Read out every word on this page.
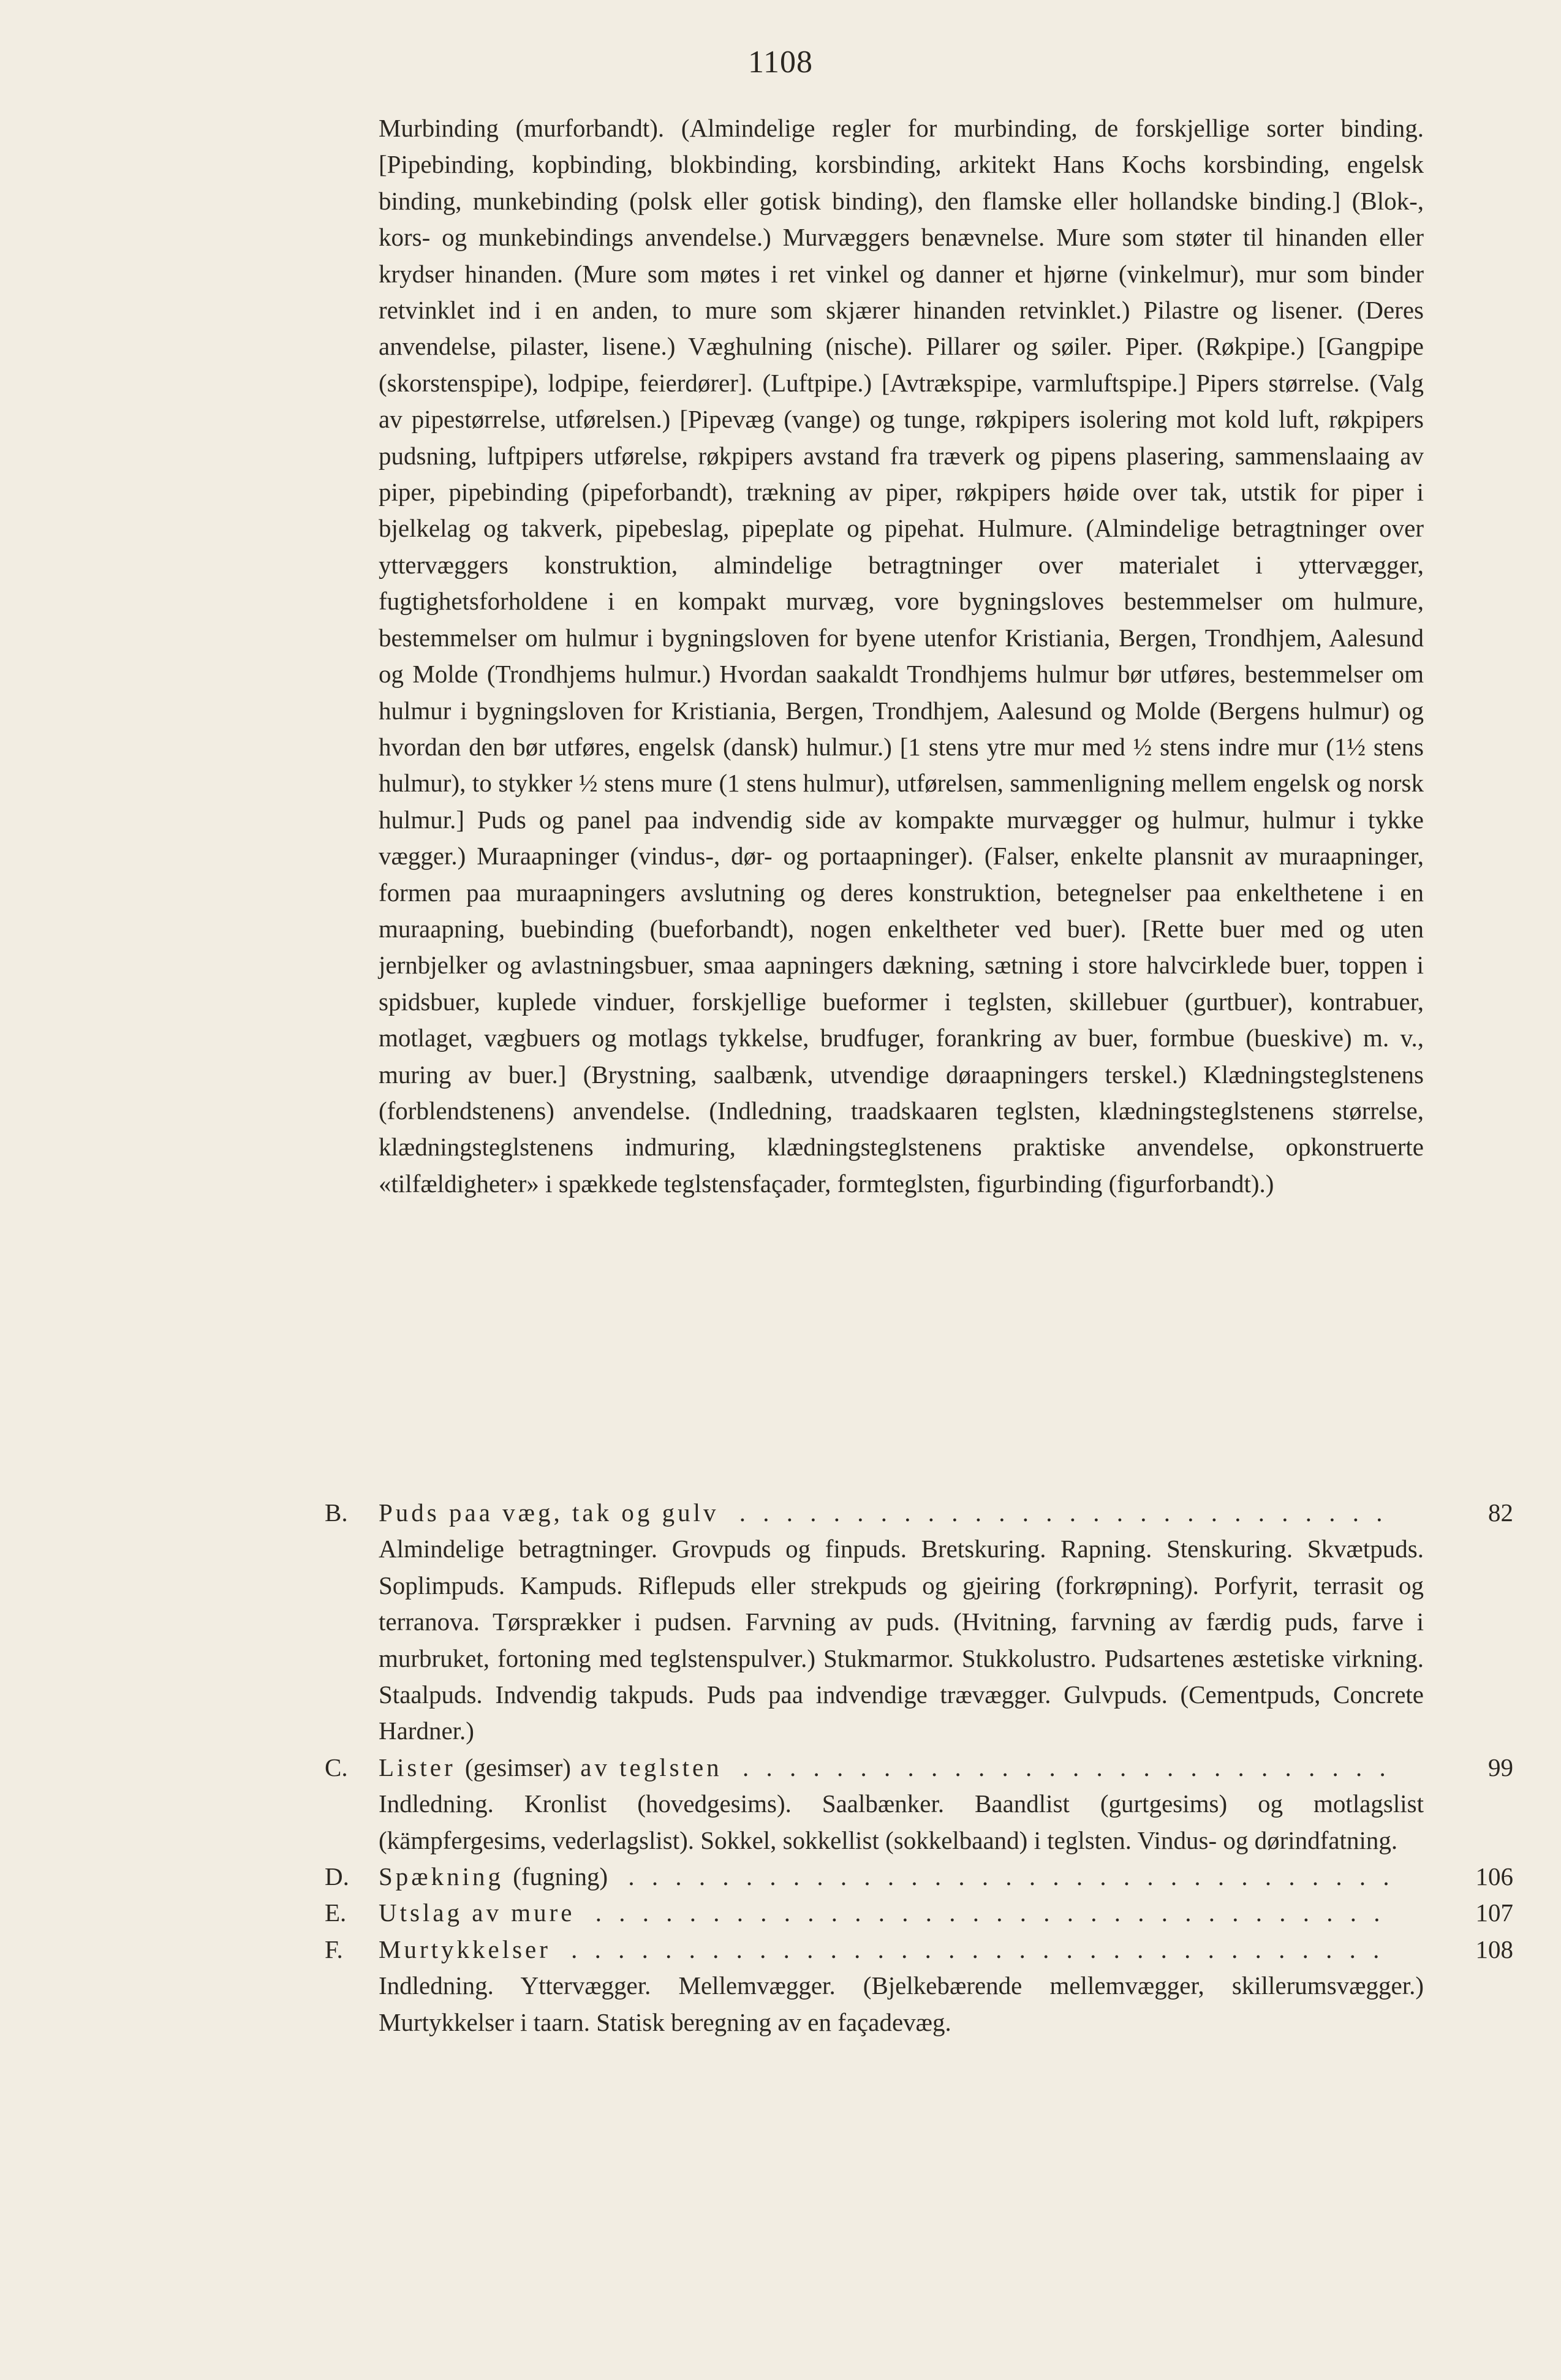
1108

Murbinding (murforbandt). (Almindelige regler for murbinding, de forskjellige sorter binding. [Pipebinding, kopbinding, blokbinding, korsbinding, arkitekt Hans Kochs korsbinding, engelsk binding, munkebinding (polsk eller gotisk binding), den flamske eller hollandske binding.] (Blok-, kors- og munkebindings anvendelse.) Murvæggers benævnelse. Mure som støter til hinanden eller krydser hinanden. (Mure som møtes i ret vinkel og danner et hjørne (vinkelmur), mur som binder retvinklet ind i en anden, to mure som skjærer hinanden retvinklet.) Pilastre og lisener. (Deres anvendelse, pilaster, lisene.) Væghulning (nische). Pillarer og søiler. Piper. (Røkpipe.) [Gangpipe (skorstenspipe), lodpipe, feierdører]. (Luftpipe.) [Avtrækspipe, varmluftspipe.] Pipers størrelse. (Valg av pipestørrelse, utførelsen.) [Pipevæg (vange) og tunge, røkpipers isolering mot kold luft, røkpipers pudsning, luftpipers utførelse, røkpipers avstand fra træverk og pipens plasering, sammenslaaing av piper, pipebinding (pipeforbandt), trækning av piper, røkpipers høide over tak, utstik for piper i bjelkelag og takverk, pipebeslag, pipeplate og pipehat. Hulmure. (Almindelige betragtninger over yttervæggers konstruktion, almindelige betragtninger over materialet i yttervægger, fugtighetsforholdene i en kompakt murvæg, vore bygningsloves bestemmelser om hulmure, bestemmelser om hulmur i bygningsloven for byene utenfor Kristiania, Bergen, Trondhjem, Aalesund og Molde (Trondhjems hulmur.) Hvordan saakaldt Trondhjems hulmur bør utføres, bestemmelser om hulmur i bygningsloven for Kristiania, Bergen, Trondhjem, Aalesund og Molde (Bergens hulmur) og hvordan den bør utføres, engelsk (dansk) hulmur.) [1 stens ytre mur med ½ stens indre mur (1½ stens hulmur), to stykker ½ stens mure (1 stens hulmur), utførelsen, sammenligning mellem engelsk og norsk hulmur.] Puds og panel paa indvendig side av kompakte murvægger og hulmur, hulmur i tykke vægger.) Muraapninger (vindus-, dør- og portaapninger). (Falser, enkelte plansnit av muraapninger, formen paa muraapningers avslutning og deres konstruktion, betegnelser paa enkelthetene i en muraapning, buebinding (bueforbandt), nogen enkeltheter ved buer). [Rette buer med og uten jernbjelker og avlastningsbuer, smaa aapningers dækning, sætning i store halvcirklede buer, toppen i spidsbuer, kuplede vinduer, forskjellige bueformer i teglsten, skillebuer (gurtbuer), kontrabuer, motlaget, vægbuers og motlags tykkelse, brudfuger, forankring av buer, formbue (bueskive) m. v., muring av buer.] (Brystning, saalbænk, utvendige døraapningers terskel.) Klædningsteglstenens (forblendstenens) anvendelse. (Indledning, traadskaaren teglsten, klædningsteglstenens størrelse, klædningsteglstenens indmuring, klædningsteglstenens praktiske anvendelse, opkonstruerte «tilfældigheter» i spækkede teglstensfaçader, formteglsten, figurbinding (figurforbandt).)

B.	Puds paa væg, tak og gulv . . .	82
Almindelige betragtninger. Grovpuds og finpuds. Bretskuring. Rapning. Stenskuring. Skvætpuds. Soplimpuds. Kampuds. Riflepuds eller strekpuds og gjeiring (forkrøpning). Porfyrit, terrasit og terranova. Tørsprækker i pudsen. Farvning av puds. (Hvitning, farvning av færdig puds, farve i murbruket, fortoning med teglstenspulver.) Stukmarmor. Stukkolustro. Pudsartenes æstetiske virkning. Staalpuds. Indvendig takpuds. Puds paa indvendige trævægger. Gulvpuds. (Cementpuds, Concrete Hardner.)
C.	Lister (gesimser) av teglsten . . .	99
Indledning. Kronlist (hovedgesims). Saalbænker. Baandlist (gurtgesims) og motlagslist (kämpfergesims, vederlagslist). Sokkel, sokkellist (sokkelbaand) i teglsten. Vindus- og dørindfatning.
D.	Spækning (fugning) . . .	106
E.	Utslag av mure . . .	107
F.	Murtykkelser . . .	108
Indledning. Yttervægger. Mellemvægger. (Bjelkebærende mellemvægger, skillerumsvægger.) Murtykkelser i taarn. Statisk beregning av en façadevæg.
